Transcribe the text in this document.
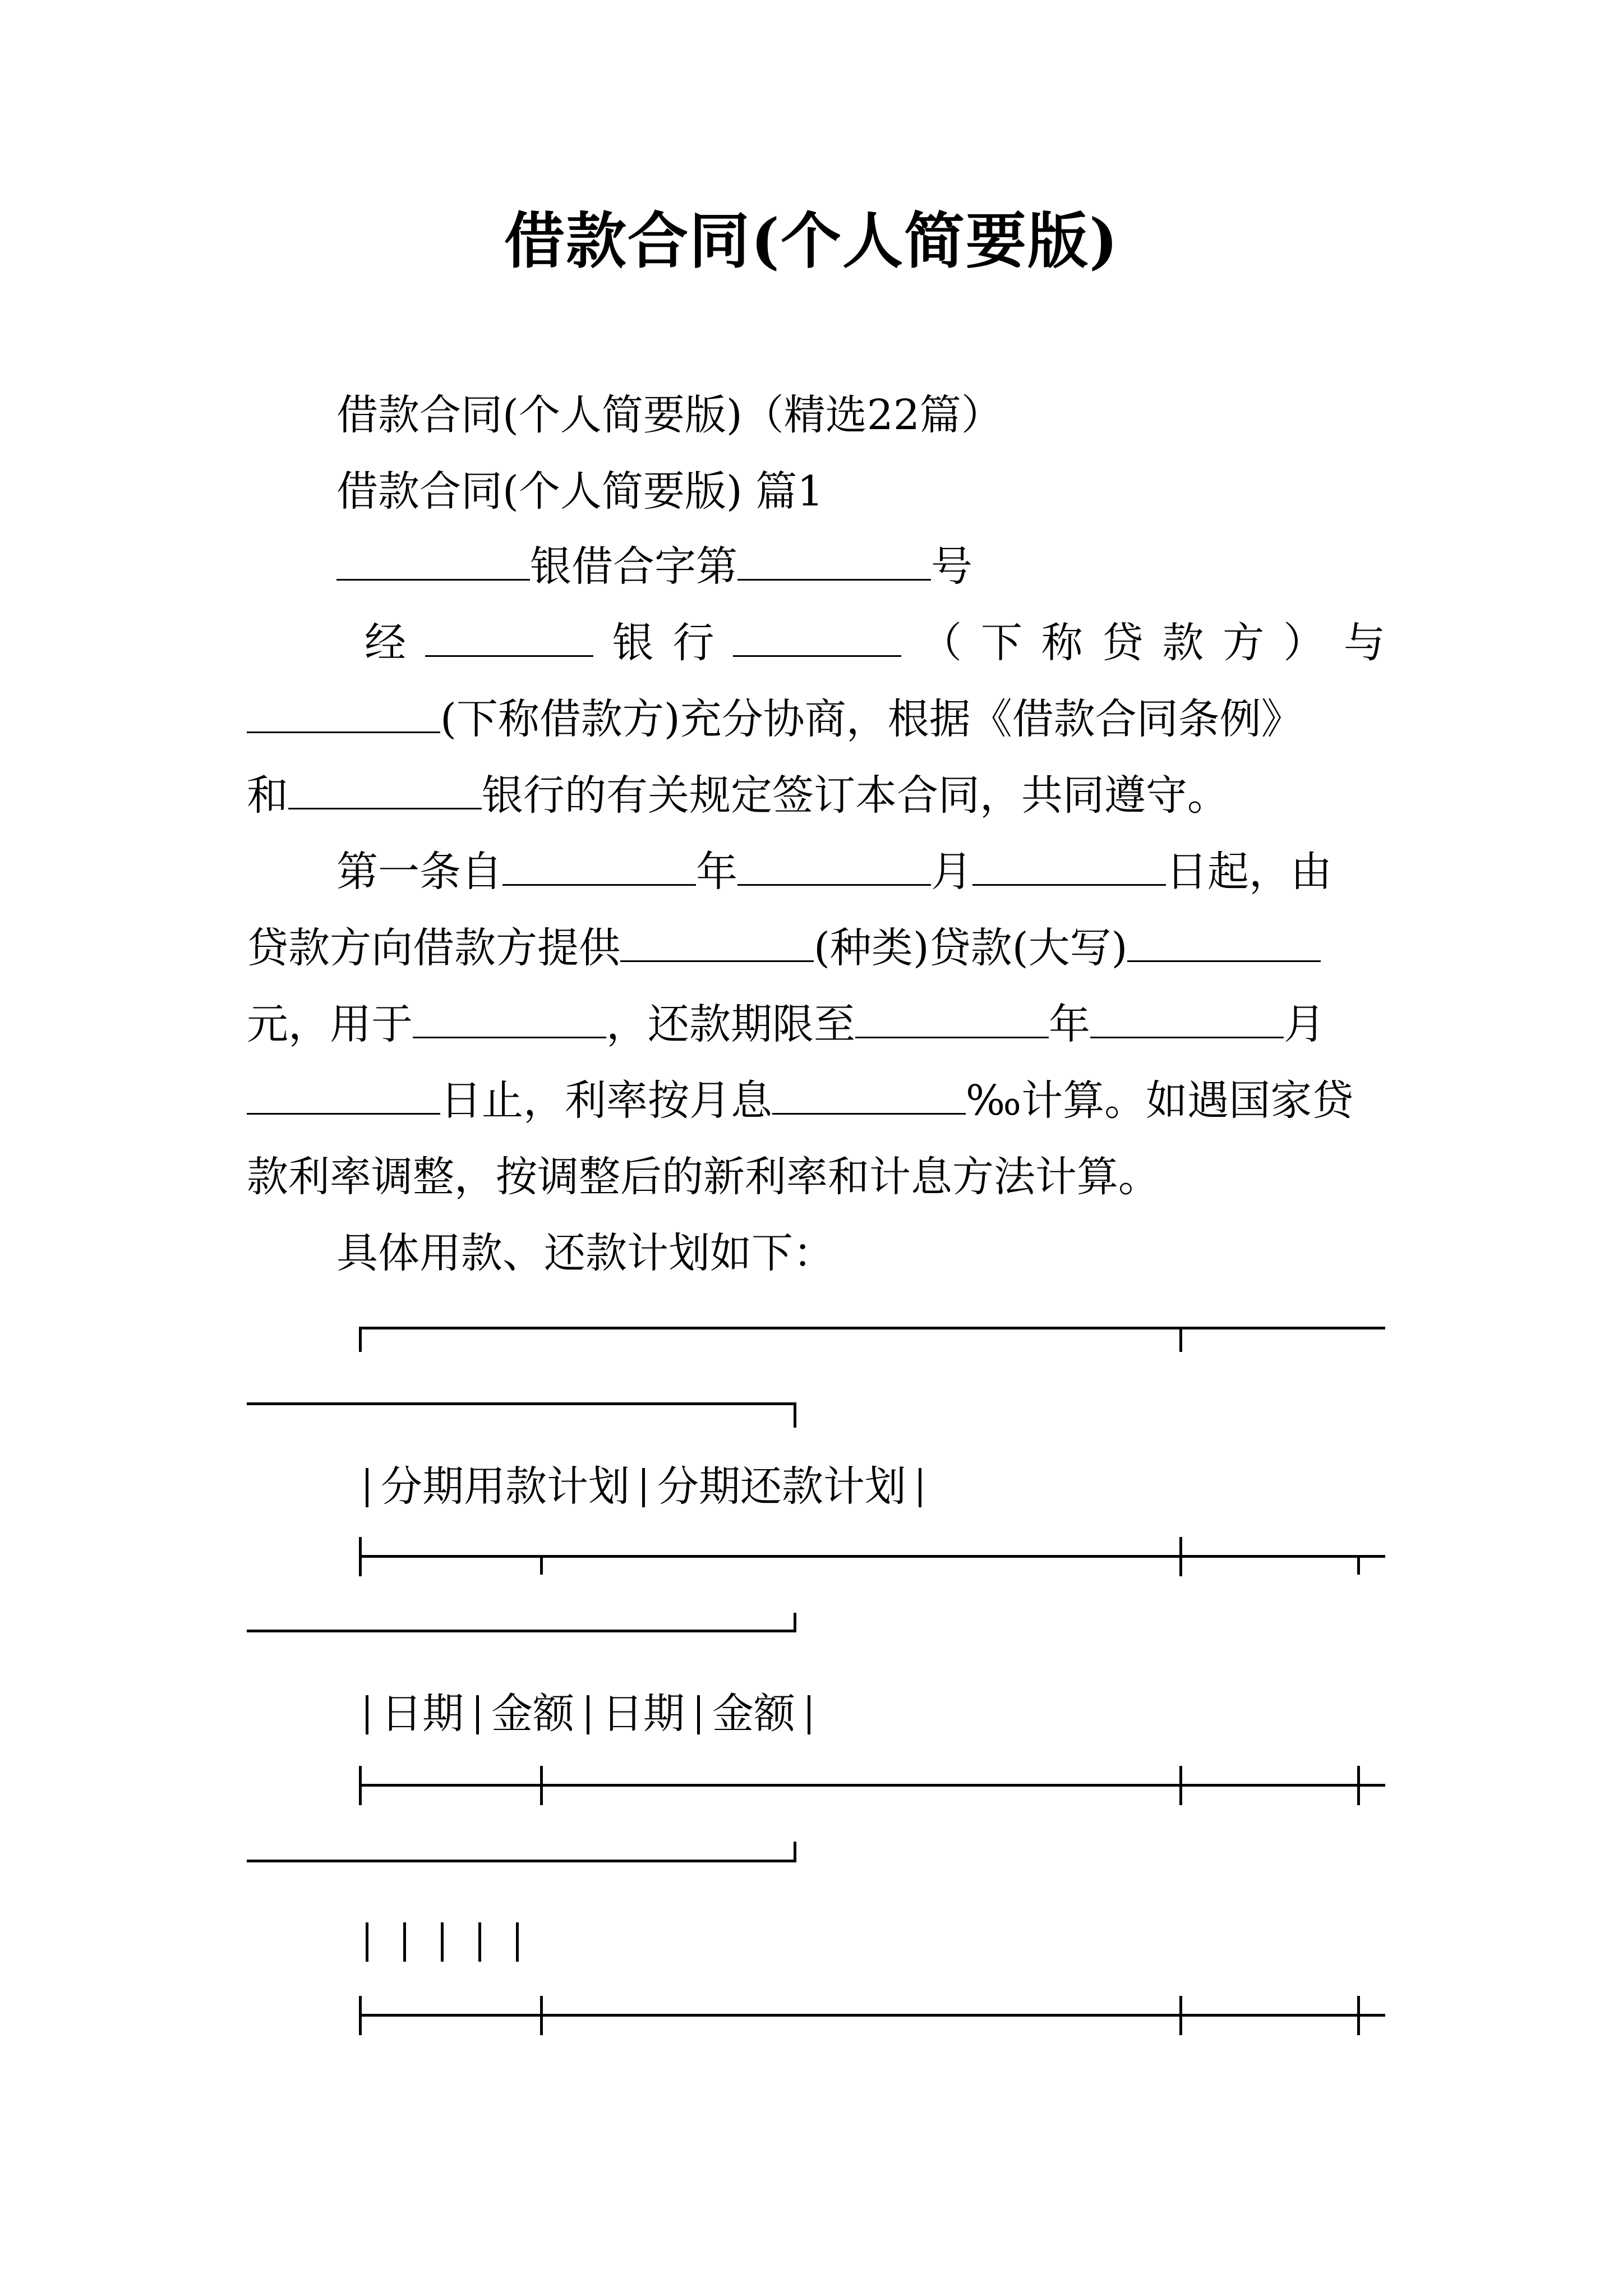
借款合同(个人简要版)
借款合同(个人简要版)（精选22篇）
借款合同(个人简要版) 篇1
银借合字第	号
经	银 行	（ 下 称 贷 款 方 ） 与
(下称借款方)充分协商，根据《借款合同条例》
和	银行的有关规定签订本合同，共同遵守。
第一条自	年	月	日起，由
贷款方向借款方提供	(种类)贷款(大写)
元，用于	，还款期限至	年	月
日止，利率按月息	‰计算。如遇国家贷
款利率调整，按调整后的新利率和计息方法计算。
具体用款、还款计划如下：
分期用款计划 分期还款计划
日期 金额 日期 金额
